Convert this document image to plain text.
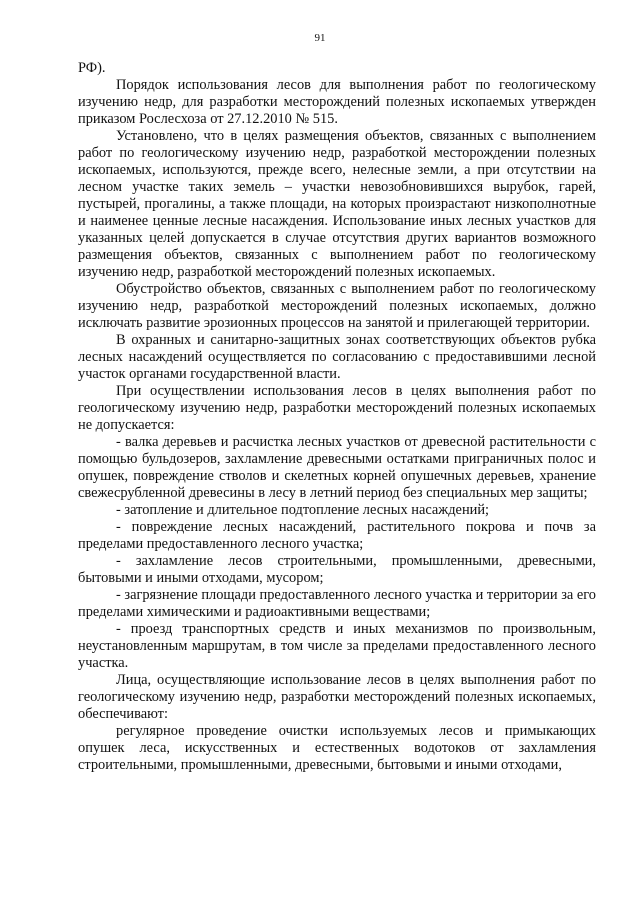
91

РФ).

Порядок использования лесов для выполнения работ по геологическому изучению недр, для разработки месторождений полезных ископаемых утвержден приказом Рослесхоза от 27.12.2010 № 515.

Установлено, что в целях размещения объектов, связанных с выполнением работ по геологическому изучению недр, разработкой месторождении полезных ископаемых, используются, прежде всего, нелесные земли, а при отсутствии на лесном участке таких земель – участки невозобновившихся вырубок, гарей, пустырей, прогалины, а также площади, на которых произрастают низкополнотные и наименее ценные лесные насаждения. Использование иных лесных участков для указанных целей допускается в случае отсутствия других вариантов возможного размещения объектов, связанных с выполнением работ по геологическому изучению недр, разработкой месторождений полезных ископаемых.

Обустройство объектов, связанных с выполнением работ по геологическому изучению недр, разработкой месторождений полезных ископаемых, должно исключать развитие эрозионных процессов на занятой и прилегающей территории.

В охранных и санитарно-защитных зонах соответствующих объектов рубка лесных насаждений осуществляется по согласованию с предоставившими лесной участок органами государственной власти.

При осуществлении использования лесов в целях выполнения работ по геологическому изучению недр, разработки месторождений полезных ископаемых не допускается:

- валка деревьев и расчистка лесных участков от древесной растительности с помощью бульдозеров, захламление древесными остатками приграничных полос и опушек, повреждение стволов и скелетных корней опушечных деревьев, хранение свежесрубленной древесины в лесу в летний период без специальных мер защиты;

- затопление и длительное подтопление лесных насаждений;

- повреждение лесных насаждений, растительного покрова и почв за пределами предоставленного лесного участка;

- захламление лесов строительными, промышленными, древесными, бытовыми и иными отходами, мусором;

- загрязнение площади предоставленного лесного участка и территории за его пределами химическими и радиоактивными веществами;

- проезд транспортных средств и иных механизмов по произвольным, неустановленным маршрутам, в том числе за пределами предоставленного лесного участка.

Лица, осуществляющие использование лесов в целях выполнения работ по геологическому изучению недр, разработки месторождений полезных ископаемых, обеспечивают:

регулярное проведение очистки используемых лесов и примыкающих опушек леса, искусственных и естественных водотоков от захламления строительными, промышленными, древесными, бытовыми и иными отходами,
